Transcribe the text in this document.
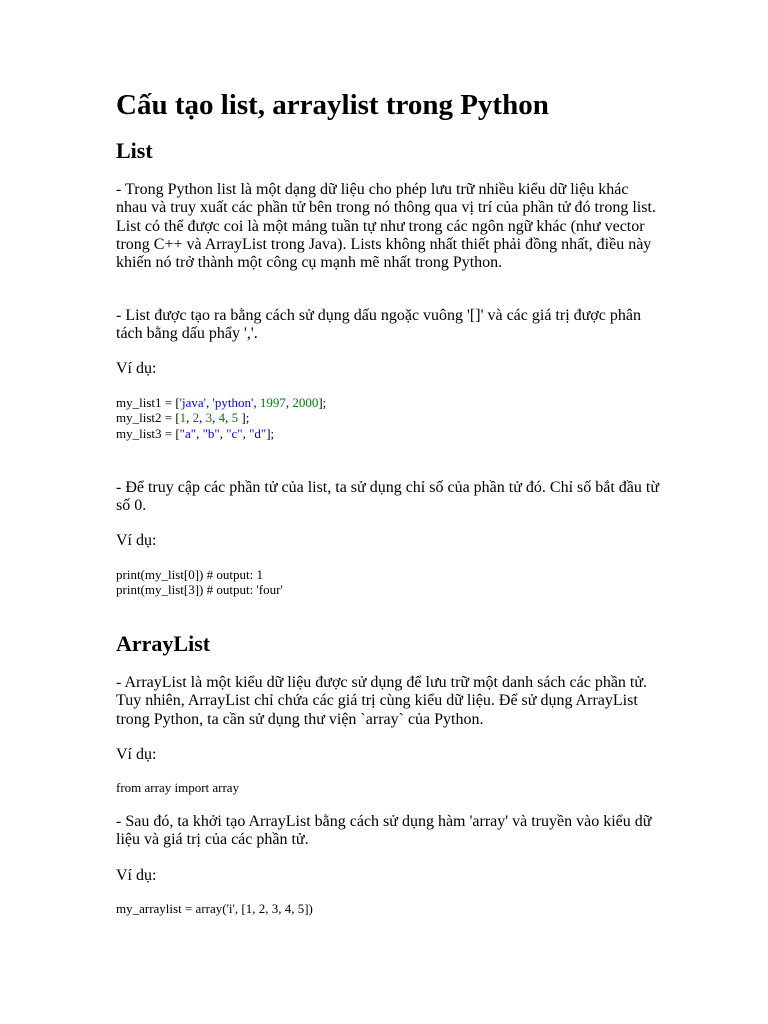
Cấu tạo list, arraylist trong Python
List

- Trong Python list là một dạng dữ liệu cho phép lưu trữ nhiều kiểu dữ liệu khác nhau và truy xuất các phần tử bên trong nó thông qua vị trí của phần tử đó trong list. List có thể được coi là một mảng tuần tự như trong các ngôn ngữ khác (như vector trong C++ và ArrayList trong Java). Lists không nhất thiết phải đồng nhất, điều này khiến nó trở thành một công cụ mạnh mẽ nhất trong Python.

- List được tạo ra bằng cách sử dụng dấu ngoặc vuông '[]' và các giá trị được phân tách bằng dấu phẩy ','.

Ví dụ:

my_list1 = ['java', 'python', 1997, 2000];
my_list2 = [1, 2, 3, 4, 5 ];
my_list3 = ["a", "b", "c", "d"];

- Để truy cập các phần tử của list, ta sử dụng chỉ số của phần tử đó. Chỉ số bắt đầu từ số 0.

Ví dụ:

print(my_list[0]) # output: 1
print(my_list[3]) # output: 'four'
ArrayList

- ArrayList là một kiểu dữ liệu được sử dụng để lưu trữ một danh sách các phần tử. Tuy nhiên, ArrayList chỉ chứa các giá trị cùng kiểu dữ liệu. Để sử dụng ArrayList trong Python, ta cần sử dụng thư viện `array` của Python.

Ví dụ:

from array import array

- Sau đó, ta khởi tạo ArrayList bằng cách sử dụng hàm 'array' và truyền vào kiểu dữ liệu và giá trị của các phần tử.

Ví dụ:

my_arraylist = array('i', [1, 2, 3, 4, 5])
